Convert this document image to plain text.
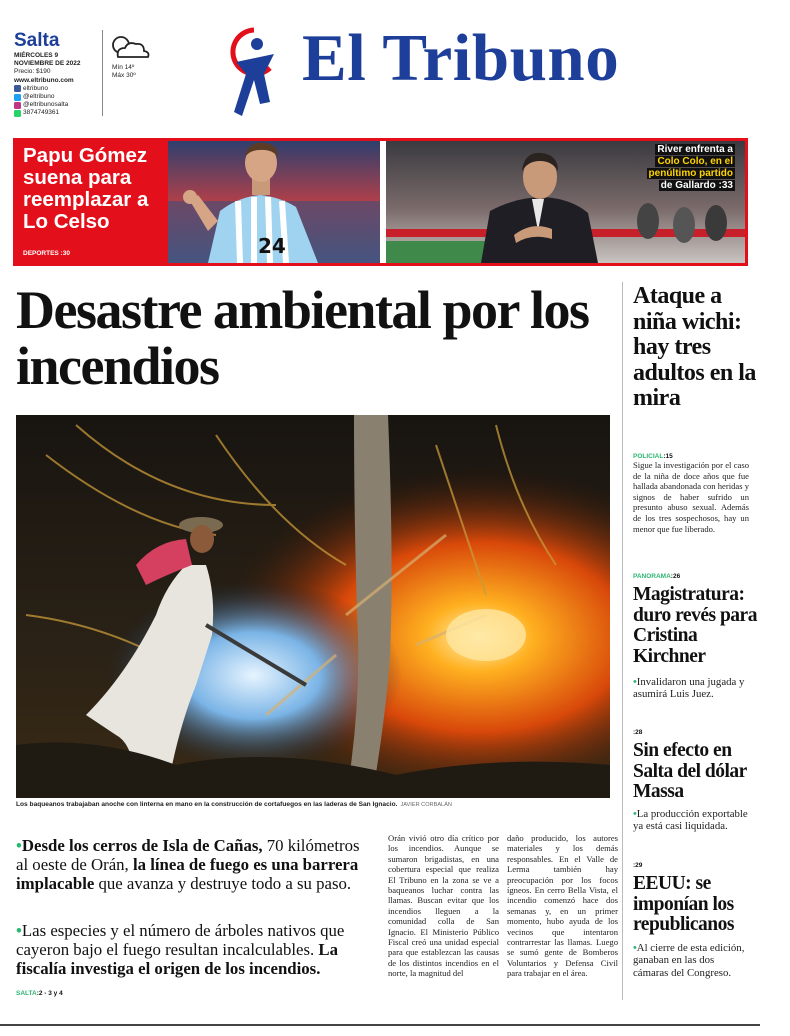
Salta
MIÉRCOLES 9
NOVIEMBRE DE 2022
Precio: $190
www.eltribuno.com
eltribuno
@eltribuno
@eltribunosalta
3874749361
Mín 14º
Máx 30º El Tribuno
Papu Gómez suena para reemplazar a Lo Celso
DEPORTES :30	24
River enfrenta a
Colo Colo, en el
penúltimo partido
de Gallardo :33
Desastre ambiental por los incendios
Los baqueanos trabajaban anoche con linterna en mano en la construcción de cortafuegos en las laderas de San Ignacio. JAVIER CORBALÁN
•Desde los cerros de Isla de Cañas, 70 kilómetros al oeste de Orán, la línea de fuego es una barrera implacable que avanza y destruye todo a su paso.
•Las especies y el número de árboles nativos que cayeron bajo el fuego resultan incalculables. La fiscalía investiga el origen de los incendios.
SALTA:2 - 3 y 4
Orán vivió otro día crítico por los incendios. Aunque se sumaron brigadistas, en una cobertura especial que realiza El Tribuno en la zona se ve a baqueanos luchar contra las llamas. Buscan evitar que los incendios lleguen a la comunidad colla de San Ignacio. El Ministerio Público Fiscal creó una unidad especial para que establezcan las causas de los distintos incendios en el norte, la magnitud del
daño producido, los autores materiales y los demás responsables. En el Valle de Lerma también hay preocupación por los focos ígneos. En cerro Bella Vista, el incendio comenzó hace dos semanas y, en un primer momento, hubo ayuda de los vecinos que intentaron contrarrestar las llamas. Luego se sumó gente de Bomberos Voluntarios y Defensa Civil para trabajar en el área.
Ataque a niña wichi: hay tres adultos en la mira
POLICIAL:15
Sigue la investigación por el caso de la niña de doce años que fue hallada abandonada con heridas y signos de haber sufrido un presunto abuso sexual. Además de los tres sospechosos, hay un menor que fue liberado.
PANORAMA:26
Magistratura: duro revés para Cristina Kirchner
•Invalidaron una jugada y asumirá Luis Juez.
:28
Sin efecto en Salta del dólar Massa
•La producción exportable ya está casi liquidada.
:29
EEUU: se imponían los republicanos
•Al cierre de esta edición, ganaban en las dos cámaras del Congreso.
